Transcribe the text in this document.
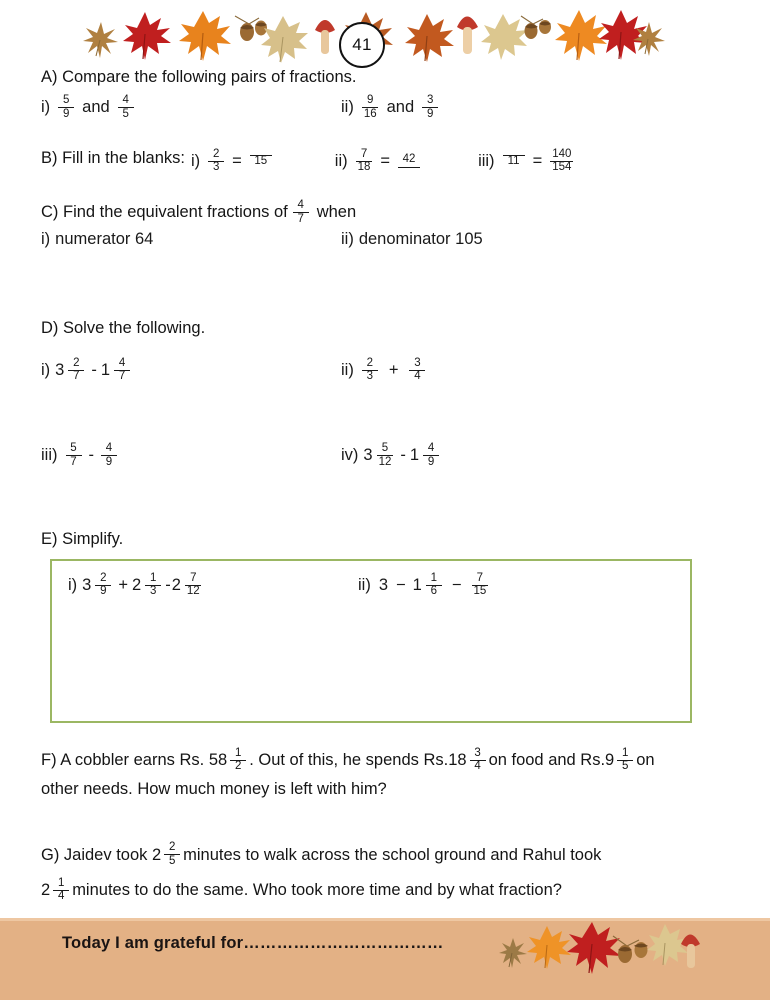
41
A) Compare the following pairs of fractions.
$i) \frac{5}{9}$ and $\frac{4}{5}$	$ii) \frac{9}{16}$ and $\frac{3}{9}$
B) Fill in the blanks: $i) \frac{2}{3}$ =	15	$ii) \frac{7}{18}$ =	42	iii)	$11 = \frac{140}{154}$
C) Find the equivalent fractions of $\frac{4}{7}$ when
i) numerator 64	ii) denominator 105
D) Solve the following.
i) $3 \frac{2}{7} - 1 \frac{4}{7}$	$ii) \frac{2}{3} + \frac{3}{4}$
$iii) \frac{5}{7} - \frac{4}{9}$	iv) $3 \frac{5}{12} - 1 \frac{4}{9}$
E) Simplify.
i) $3 \frac{2}{9} + 2 \frac{1}{3} - 2 \frac{7}{12}$	ii) $3 - 1 \frac{1}{6} - \frac{7}{15}$
F) A cobbler earns Rs. $58 \frac{1}{2}$ . Out of this, he spends $Rs.18 \frac{3}{4}$ on food and $Rs.9 \frac{1}{5}$ on
other needs. How much money is left with him?
G) Jaidev took $2 \frac{2}{5}$ minutes to walk across the school ground and Rahul took
$2 \frac{1}{4}$ minutes to do the same. Who took more time and by what fraction?
Today I am grateful for………………………………
